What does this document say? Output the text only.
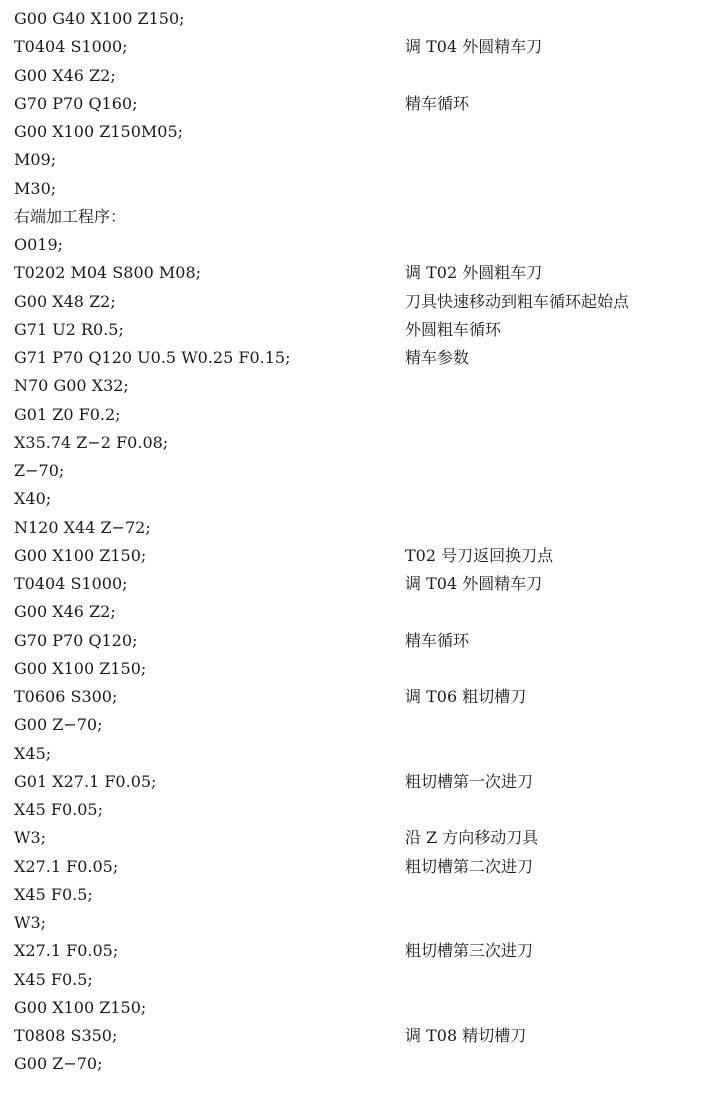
G00 G40 X100 Z150;
T0404 S1000;	调 T04 外圆精车刀
G00 X46 Z2;
G70 P70 Q160;	精车循环
G00 X100 Z150M05;
M09;
M30;
右端加工程序：
O019;
T0202 M04 S800 M08;	调 T02 外圆粗车刀
G00 X48 Z2;	刀具快速移动到粗车循环起始点
G71 U2 R0.5;	外圆粗车循环
G71 P70 Q120 U0.5 W0.25 F0.15;	精车参数
N70 G00 X32;
G01 Z0 F0.2;
X35.74 Z−2 F0.08;
Z−70;
X40;
N120 X44 Z−72;
G00 X100 Z150;	T02 号刀返回换刀点
T0404 S1000;	调 T04 外圆精车刀
G00 X46 Z2;
G70 P70 Q120;	精车循环
G00 X100 Z150;
T0606 S300;	调 T06 粗切槽刀
G00 Z−70;
X45;
G01 X27.1 F0.05;	粗切槽第一次进刀
X45 F0.05;
W3;	沿 Z 方向移动刀具
X27.1 F0.05;	粗切槽第二次进刀
X45 F0.5;
W3;
X27.1 F0.05;	粗切槽第三次进刀
X45 F0.5;
G00 X100 Z150;
T0808 S350;	调 T08 精切槽刀
G00 Z−70;
